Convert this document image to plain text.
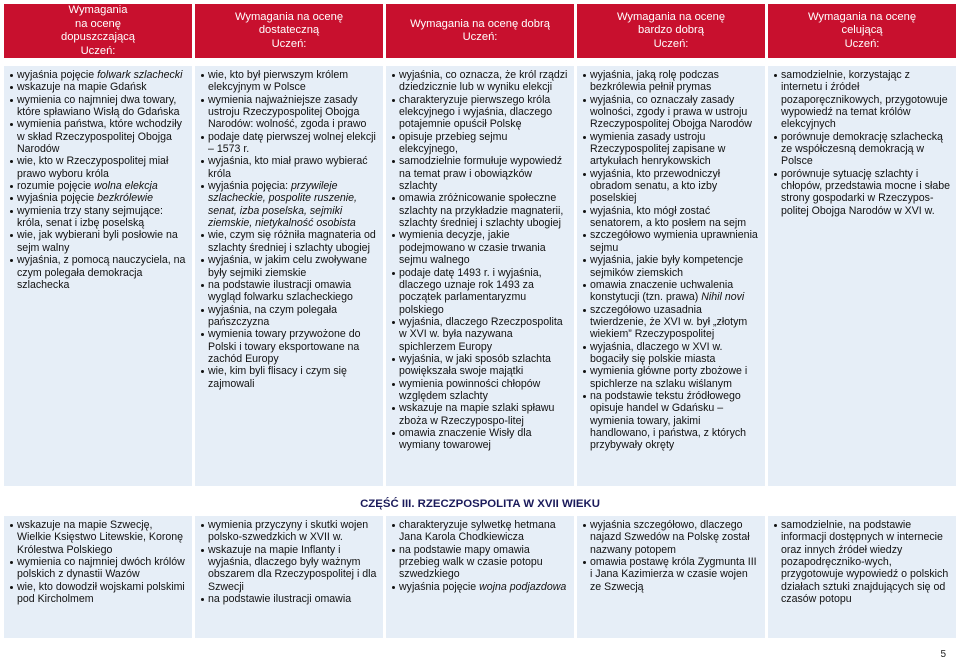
Wymagania
na ocenę
dopuszczającą
Uczeń:
Wymagania na ocenę
dostateczną
Uczeń:
Wymagania na ocenę dobrą
Uczeń:
Wymagania na ocenę
bardzo dobrą
Uczeń:
Wymagania na ocenę
celującą
Uczeń:
wyjaśnia pojęcie folwark szlachecki
wskazuje na mapie Gdańsk
wymienia co najmniej dwa towary, które spławiano Wisłą do Gdańska
wymienia państwa, które wchodziły w skład Rzeczypospolitej Obojga Narodów
wie, kto w Rzeczypospolitej miał prawo wyboru króla
rozumie pojęcie wolna elekcja
wyjaśnia pojęcie bezkrólewie
wymienia trzy stany sejmujące: króla, senat i izbę poselską
wie, jak wybierani byli posłowie na sejm walny
wyjaśnia, z pomocą nauczyciela, na czym polegała demokracja szlachecka
wie, kto był pierwszym królem elekcyjnym w Polsce
wymienia najważniejsze zasady ustroju Rzeczypospolitej Obojga Narodów: wolność, zgoda i prawo
podaje datę pierwszej wolnej elekcji – 1573 r.
wyjaśnia, kto miał prawo wybierać króla
wyjaśnia pojęcia: przywileje szlacheckie, pospolite ruszenie, senat, izba poselska, sejmiki ziemskie, nietykalność osobista
wie, czym się różniła magnateria od szlachty średniej i szlachty ubogiej
wyjaśnia, w jakim celu zwoływane były sejmiki ziemskie
na podstawie ilustracji omawia wygląd folwarku szlacheckiego
wyjaśnia, na czym polegała pańszczyzna
wymienia towary przywożone do Polski i towary eksportowane na zachód Europy
wie, kim byli flisacy i czym się zajmowali
wyjaśnia, co oznacza, że król rządzi dziedzicznie lub w wyniku elekcji
charakteryzuje pierwszego króla elekcyjnego i wyjaśnia, dlaczego potajemnie opuścił Polskę
opisuje przebieg sejmu elekcyjnego,
samodzielnie formułuje wypowiedź na temat praw i obowiązków szlachty
omawia zróżnicowanie społeczne szlachty na przykładzie magnaterii, szlachty średniej i szlachty ubogiej
wymienia decyzje, jakie podejmowano w czasie trwania sejmu walnego
podaje datę 1493 r. i wyjaśnia, dlaczego uznaje rok 1493 za początek parlamentaryzmu polskiego
wyjaśnia, dlaczego Rzeczpospolita w XVI w. była nazywana spichlerzem Europy
wyjaśnia, w jaki sposób szlachta powiększała swoje majątki
wymienia powinności chłopów względem szlachty
wskazuje na mapie szlaki spławu zboża w Rzeczypospo-litej
omawia znaczenie Wisły dla wymiany towarowej
wyjaśnia, jaką rolę podczas bezkrólewia pełnił prymas
wyjaśnia, co oznaczały zasady wolności, zgody i prawa w ustroju Rzeczypospolitej Obojga Narodów
wymienia zasady ustroju Rzeczypospolitej zapisane w artykułach henrykowskich
wyjaśnia, kto przewodniczył obradom senatu, a kto izby poselskiej
wyjaśnia, kto mógł zostać senatorem, a kto posłem na sejm
szczegółowo wymienia uprawnienia sejmu
wyjaśnia, jakie były kompetencje sejmików ziemskich
omawia znaczenie uchwalenia konstytucji (tzn. prawa) Nihil novi
szczegółowo uzasadnia twierdzenie, że XVI w. był „złotym wiekiem” Rzeczypospolitej
wyjaśnia, dlaczego w XVI w. bogaciły się polskie miasta
wymienia główne porty zbożowe i spichlerze na szlaku wiślanym
na podstawie tekstu źródłowego opisuje handel w Gdańsku – wymienia towary, jakimi handlowano, i państwa, z których przybywały okręty
samodzielnie, korzystając z internetu i źródeł pozaporęcznikowych, przygotowuje wypowiedź na temat królów elekcyjnych
porównuje demokrację szlachecką ze współczesną demokracją w Polsce
porównuje sytuację szlachty i chłopów, przedstawia mocne i słabe strony gospodarki w Rzeczypos-politej Obojga Narodów w XVI w.
CZĘŚĆ III. RZECZPOSPOLITA W XVII WIEKU
wskazuje na mapie Szwecję, Wielkie Księstwo Litewskie, Koronę Królestwa Polskiego
wymienia co najmniej dwóch królów polskich z dynastii Wazów
wie, kto dowodził wojskami polskimi pod Kircholmem
wymienia przyczyny i skutki wojen polsko-szwedzkich w XVII w.
wskazuje na mapie Inflanty i wyjaśnia, dlaczego były ważnym obszarem dla Rzeczypospolitej i dla Szwecji
na podstawie ilustracji omawia
charakteryzuje sylwetkę hetmana Jana Karola Chodkiewicza
na podstawie mapy omawia przebieg walk w czasie potopu szwedzkiego
wyjaśnia pojęcie wojna podjazdowa
wyjaśnia szczegółowo, dlaczego najazd Szwedów na Polskę został nazwany potopem
omawia postawę króla Zygmunta III i Jana Kazimierza w czasie wojen ze Szwecją
samodzielnie, na podstawie informacji dostępnych w internecie oraz innych źródeł wiedzy pozapodręczniko-wych, przygotowuje wypowiedź o polskich działach sztuki znajdujących się od czasów potopu
5
